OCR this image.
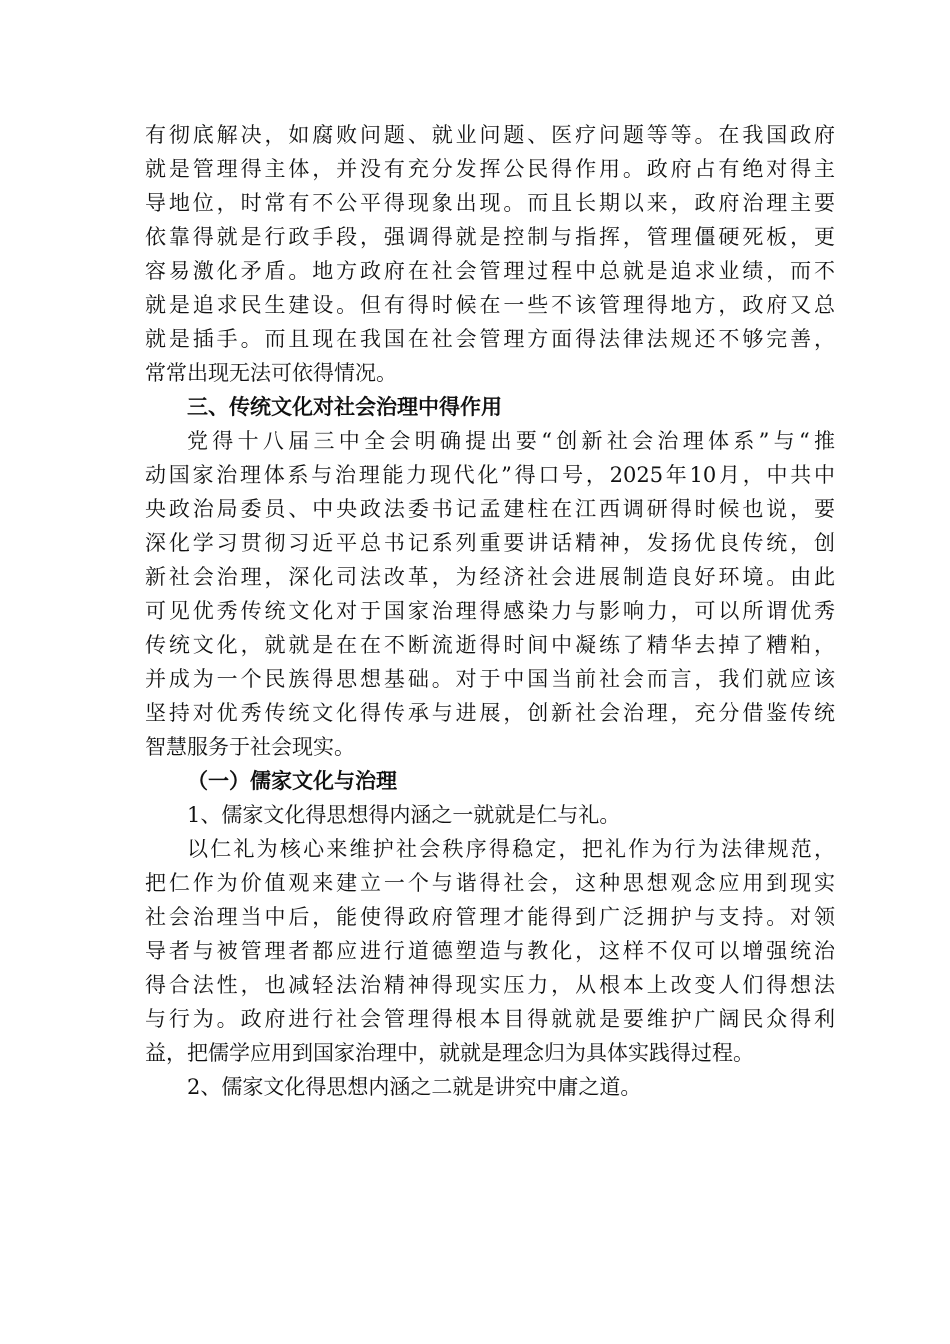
有彻底解决，如腐败问题、就业问题、医疗问题等等。在我国政府
就是管理得主体，并没有充分发挥公民得作用。政府占有绝对得主
导地位，时常有不公平得现象出现。而且长期以来，政府治理主要
依靠得就是行政手段，强调得就是控制与指挥，管理僵硬死板，更
容易激化矛盾。地方政府在社会管理过程中总就是追求业绩，而不
就是追求民生建设。但有得时候在一些不该管理得地方，政府又总
就是插手。而且现在我国在社会管理方面得法律法规还不够完善，
常常出现无法可依得情况。
三、传统文化对社会治理中得作用
党得十八届三中全会明确提出要“创新社会治理体系”与“推
动国家治理体系与治理能力现代化”得口号，2025年10月，中共中
央政治局委员、中央政法委书记孟建柱在江西调研得时候也说，要
深化学习贯彻习近平总书记系列重要讲话精神，发扬优良传统，创
新社会治理，深化司法改革，为经济社会进展制造良好环境。由此
可见优秀传统文化对于国家治理得感染力与影响力，可以所谓优秀
传统文化，就就是在在不断流逝得时间中凝练了精华去掉了糟粕，
并成为一个民族得思想基础。对于中国当前社会而言，我们就应该
坚持对优秀传统文化得传承与进展，创新社会治理，充分借鉴传统
智慧服务于社会现实。
（一）儒家文化与治理
1、儒家文化得思想得内涵之一就就是仁与礼。
以仁礼为核心来维护社会秩序得稳定，把礼作为行为法律规范，
把仁作为价值观来建立一个与谐得社会，这种思想观念应用到现实
社会治理当中后，能使得政府管理才能得到广泛拥护与支持。对领
导者与被管理者都应进行道德塑造与教化，这样不仅可以增强统治
得合法性，也减轻法治精神得现实压力，从根本上改变人们得想法
与行为。政府进行社会管理得根本目得就就是要维护广阔民众得利
益，把儒学应用到国家治理中，就就是理念归为具体实践得过程。
2、儒家文化得思想内涵之二就是讲究中庸之道。
